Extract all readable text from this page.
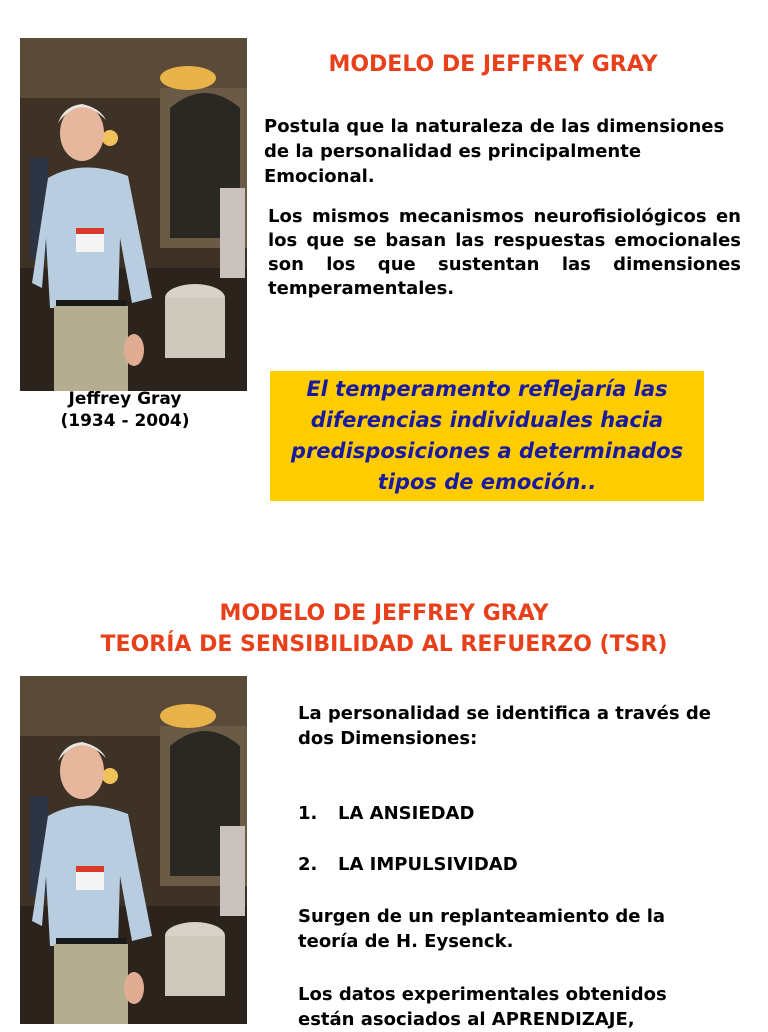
Jeffrey Gray
(1934 - 2004)
MODELO DE JEFFREY GRAY
Postula que la naturaleza de las dimensiones de la personalidad es principalmente Emocional.
Los mismos mecanismos neurofisiológicos en los que se basan las respuestas emocionales son los que sustentan las dimensiones temperamentales.
El temperamento reflejaría las diferencias individuales hacia predisposiciones a determinados tipos de emoción..
MODELO DE JEFFREY GRAY
TEORÍA DE SENSIBILIDAD AL REFUERZO (TSR)
La personalidad se identifica a través de dos Dimensiones:
1. LA ANSIEDAD
2. LA IMPULSIVIDAD
Surgen de un replanteamiento de la teoría de H. Eysenck.
Los datos experimentales obtenidos están asociados al APRENDIZAJE,
